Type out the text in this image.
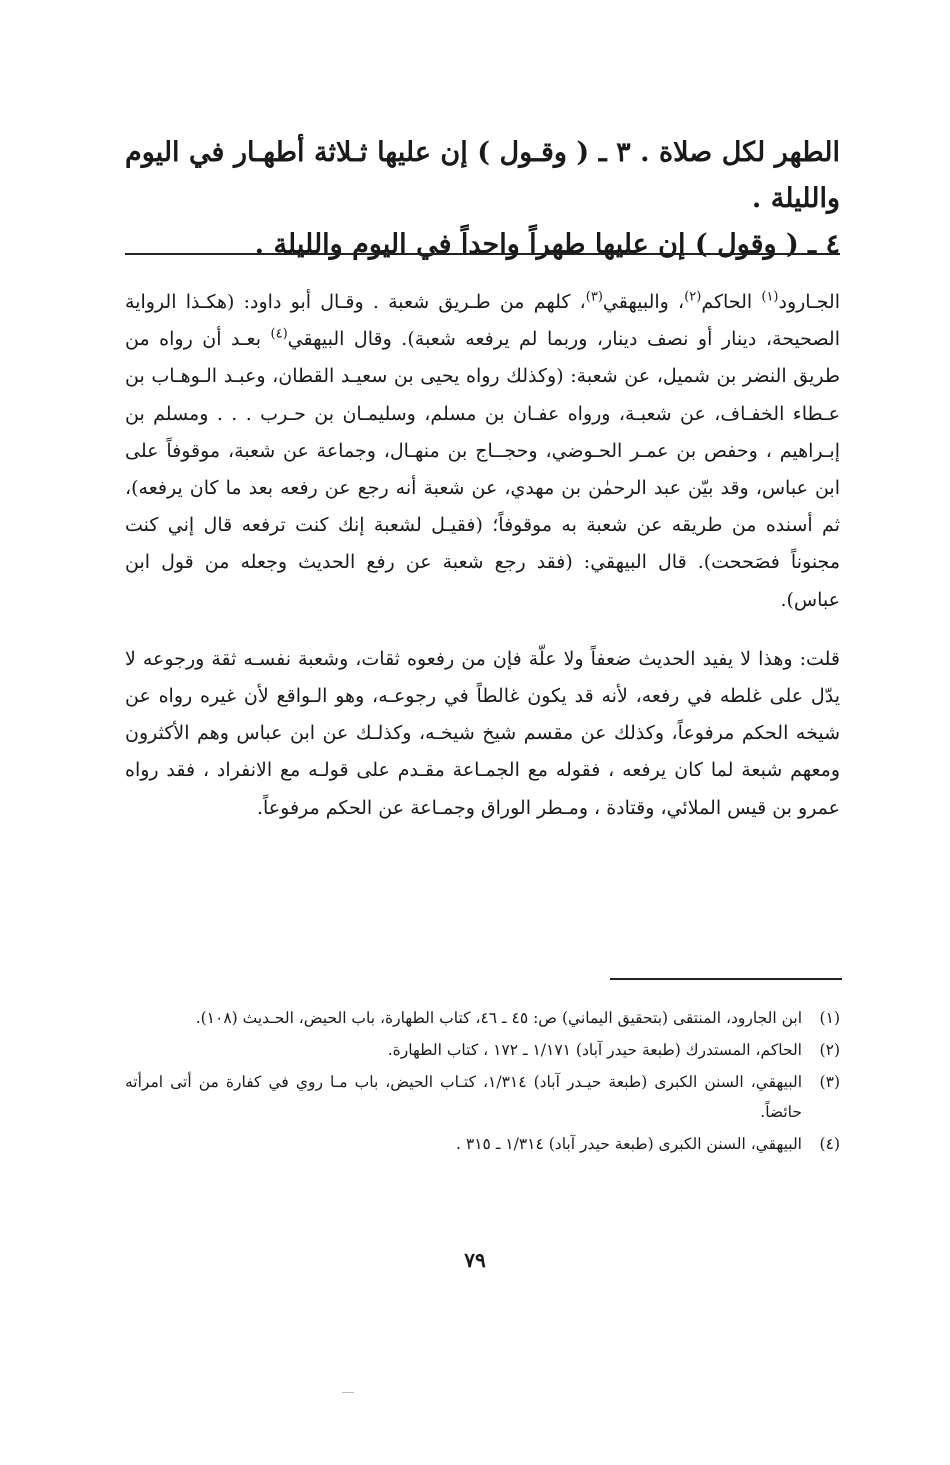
الطهر لكل صلاة . ٣ ـ ( وقـول ) إن عليها ثـلاثة أطهـار في اليوم والليلة .

٤ ـ ( وقول ) إن عليها طهراً واحداً في اليوم والليلة .

الجـارود$^{(١)}$ الحاكم$^{(٢)}$، والبيهقي$^{(٣)}$، كلهم من طـريق شعبة . وقـال أبو داود: (هكـذا الرواية الصحيحة، دينار أو نصف دينار، وربما لم يرفعه شعبة). وقال البيهقي$^{(٤)}$ بعـد أن رواه من طريق النضر بن شميل، عن شعبة: (وكذلك رواه يحيى بن سعيـد القطان، وعبـد الـوهـاب بن عـطاء الخفـاف، عن شعبـة، ورواه عفـان بن مسلم، وسليمـان بن حـرب . . . ومسلم بن إبـراهيم ، وحفص بن عمـر الحـوضي، وحجــاج بن منهـال، وجماعة عن شعبة، موقوفاً على ابن عباس، وقد بيّن عبد الرحمٰن بن مهدي، عن شعبة أنه رجع عن رفعه بعد ما كان يرفعه)، ثم أسنده من طريقه عن شعبة به موقوفاً؛ (فقيـل لشعبة إنك كنت ترفعه قال إني كنت مجنوناً فصَححت). قال البيهقي: (فقد رجع شعبة عن رفع الحديث وجعله من قول ابن عباس).

قلت: وهذا لا يفيد الحديث ضعفاً ولا علّة فإن من رفعوه ثقات، وشعبة نفسـه ثقة ورجوعه لا يدّل على غلطه في رفعه، لأنه قد يكون غالطاً في رجوعـه، وهو الـواقع لأن غيره رواه عن شيخه الحكم مرفوعاً، وكذلك عن مقسم شيخ شيخـه، وكذلـك عن ابن عباس وهم الأكثرون ومعهم شبعة لما كان يرفعه ، فقوله مع الجمـاعة مقـدم على قولـه مع الانفراد ، فقد رواه عمرو بن قيس الملائي، وقتادة ، ومـطر الوراق وجمـاعة عن الحكم مرفوعاً.

(١)
ابن الجارود، المنتقى (بتحقيق اليماني) ص: ٤٥ ـ ٤٦، كتاب الطهارة، باب الحيض، الحـديث (١٠٨).
(٢)
الحاكم، المستدرك (طبعة حيدر آباد) ١/١٧١ ـ ١٧٢ ، كتاب الطهارة.
(٣)
البيهقي، السنن الكبرى (طبعة حيـدر آباد) ١/٣١٤، كتـاب الحيض، باب مـا روي في كفارة من أتى امرأته حائضاً.
(٤)
البيهقي، السنن الكبرى (طبعة حيدر آباد) ١/٣١٤ ـ ٣١٥ .
٧٩
